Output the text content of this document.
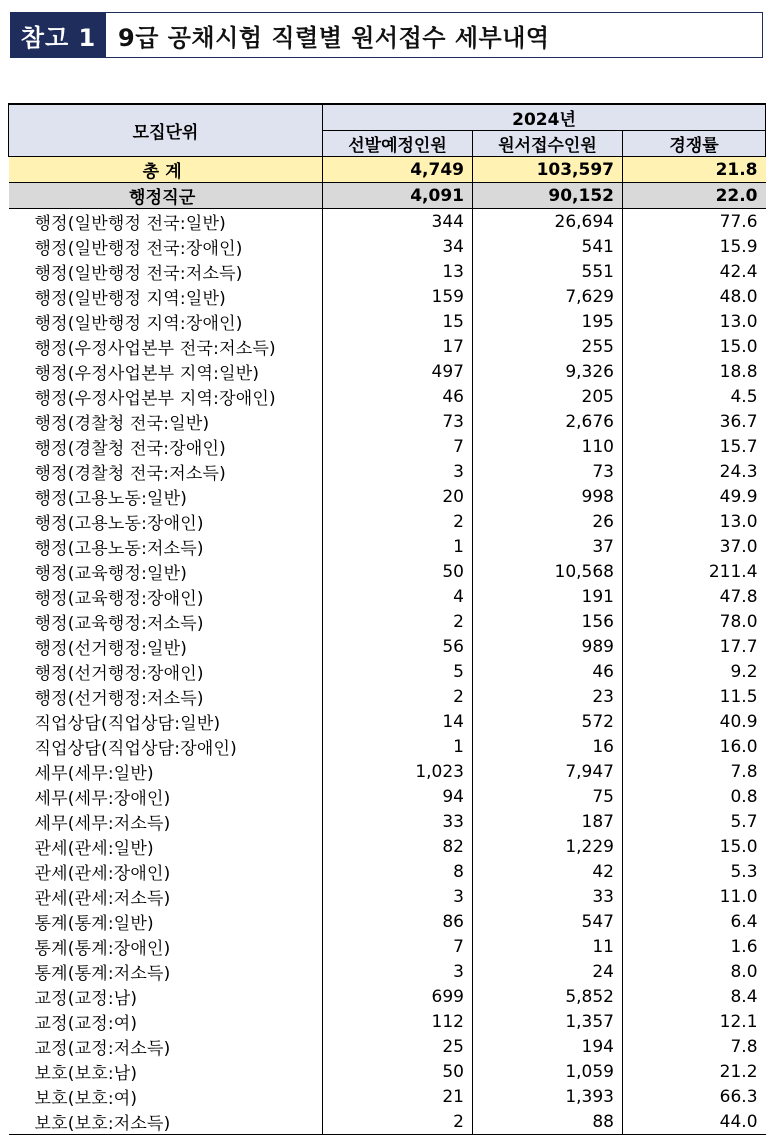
참고 1 9급 공채시험 직렬별 원서접수 세부내역
모집단위	2024년		
	선발예정인원	원서접수인원	경쟁률
총 계	4,749	103,597	21.8
행정직군	4,091	90,152	22.0
행정(일반행정 전국:일반)	344	26,694	77.6
행정(일반행정 전국:장애인)	34	541	15.9
행정(일반행정 전국:저소득)	13	551	42.4
행정(일반행정 지역:일반)	159	7,629	48.0
행정(일반행정 지역:장애인)	15	195	13.0
행정(우정사업본부 전국:저소득)	17	255	15.0
행정(우정사업본부 지역:일반)	497	9,326	18.8
행정(우정사업본부 지역:장애인)	46	205	4.5
행정(경찰청 전국:일반)	73	2,676	36.7
행정(경찰청 전국:장애인)	7	110	15.7
행정(경찰청 전국:저소득)	3	73	24.3
행정(고용노동:일반)	20	998	49.9
행정(고용노동:장애인)	2	26	13.0
행정(고용노동:저소득)	1	37	37.0
행정(교육행정:일반)	50	10,568	211.4
행정(교육행정:장애인)	4	191	47.8
행정(교육행정:저소득)	2	156	78.0
행정(선거행정:일반)	56	989	17.7
행정(선거행정:장애인)	5	46	9.2
행정(선거행정:저소득)	2	23	11.5
직업상담(직업상담:일반)	14	572	40.9
직업상담(직업상담:장애인)	1	16	16.0
세무(세무:일반)	1,023	7,947	7.8
세무(세무:장애인)	94	75	0.8
세무(세무:저소득)	33	187	5.7
관세(관세:일반)	82	1,229	15.0
관세(관세:장애인)	8	42	5.3
관세(관세:저소득)	3	33	11.0
통계(통계:일반)	86	547	6.4
통계(통계:장애인)	7	11	1.6
통계(통계:저소득)	3	24	8.0
교정(교정:남)	699	5,852	8.4
교정(교정:여)	112	1,357	12.1
교정(교정:저소득)	25	194	7.8
보호(보호:남)	50	1,059	21.2
보호(보호:여)	21	1,393	66.3
보호(보호:저소득)	2	88	44.0
